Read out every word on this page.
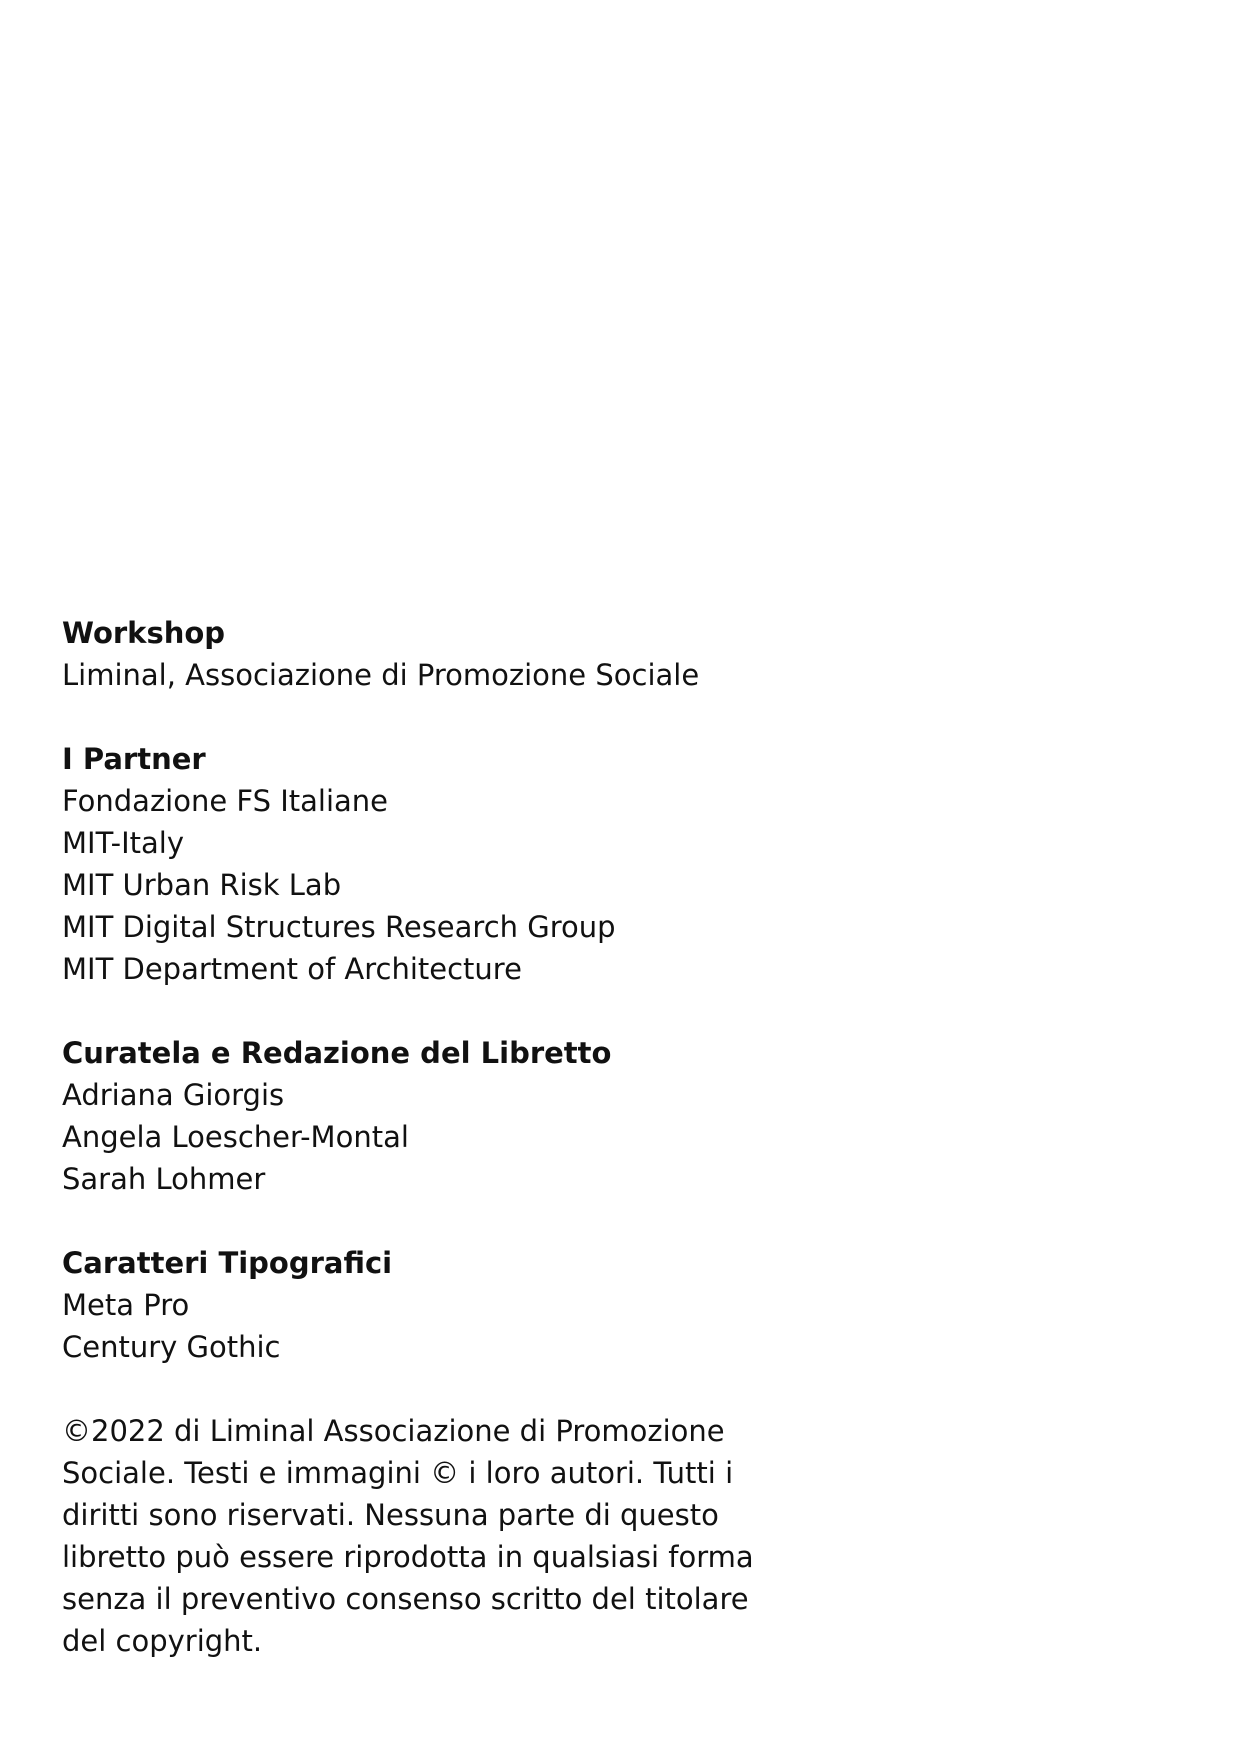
Workshop
Liminal, Associazione di Promozione Sociale
I Partner
Fondazione FS Italiane
MIT-Italy
MIT Urban Risk Lab
MIT Digital Structures Research Group
MIT Department of Architecture
Curatela e Redazione del Libretto
Adriana Giorgis
Angela Loescher-Montal
Sarah Lohmer
Caratteri Tipografici
Meta Pro
Century Gothic

©2022 di Liminal Associazione di Promozione Sociale. Testi e immagini © i loro autori. Tutti i diritti sono riservati. Nessuna parte di questo libretto può essere riprodotta in qualsiasi forma senza il preventivo consenso scritto del titolare del copyright.
